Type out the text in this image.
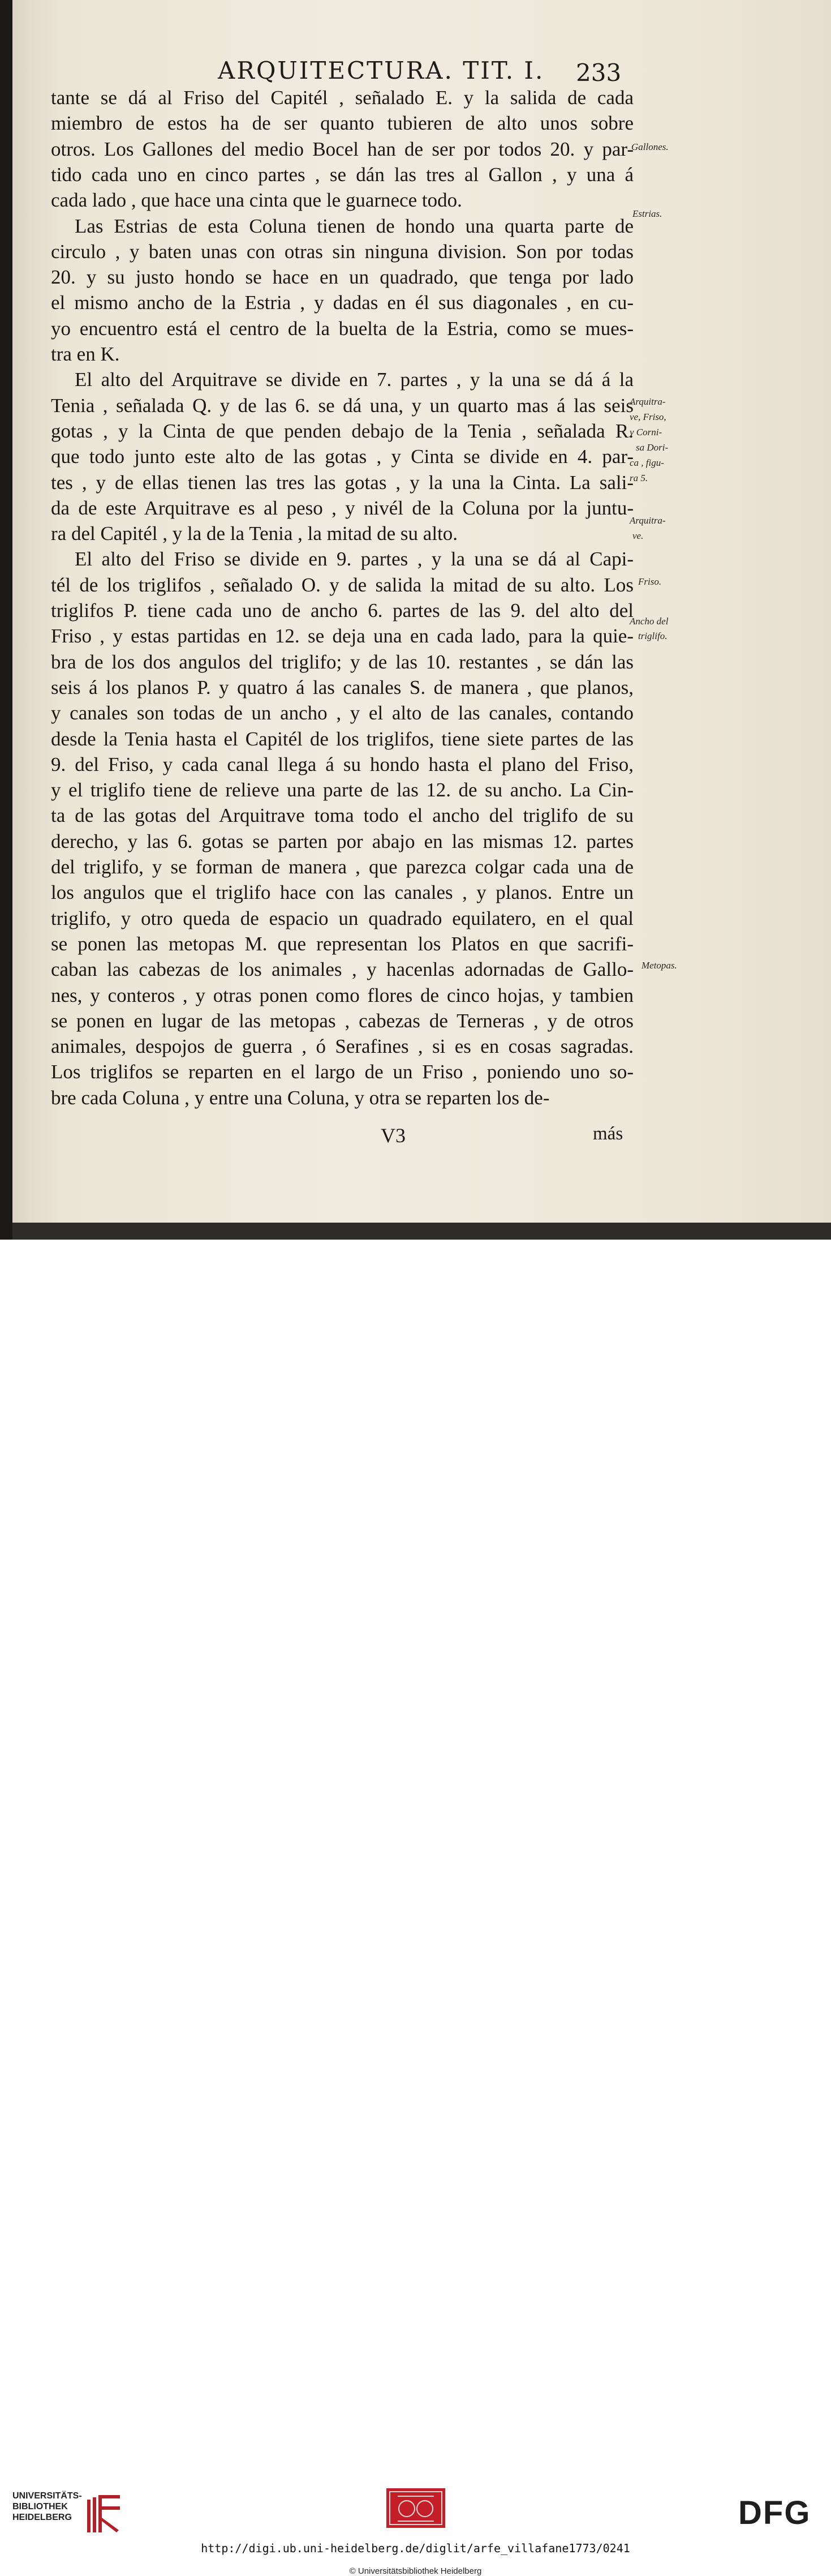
ARQUITECTURA. TIT. I. 233
tante se dá al Friso del Capitél , señalado E. y la salida de cada
miembro de estos ha de ser quanto tubieren de alto unos sobre
otros. Los Gallones del medio Bocel han de ser por todos 20. y par-
tido cada uno en cinco partes , se dán las tres al Gallon , y una á
cada lado , que hace una cinta que le guarnece todo.
Las Estrias de esta Coluna tienen de hondo una quarta parte de
circulo , y baten unas con otras sin ninguna division. Son por todas
20. y su justo hondo se hace en un quadrado, que tenga por lado
el mismo ancho de la Estria , y dadas en él sus diagonales , en cu-
yo encuentro está el centro de la buelta de la Estria, como se mues-
tra en K.
El alto del Arquitrave se divide en 7. partes , y la una se dá á la
Tenia , señalada Q. y de las 6. se dá una, y un quarto mas á las seis
gotas , y la Cinta de que penden debajo de la Tenia , señalada R.
que todo junto este alto de las gotas , y Cinta se divide en 4. par-
tes , y de ellas tienen las tres las gotas , y la una la Cinta. La sali-
da de este Arquitrave es al peso , y nivél de la Coluna por la juntu-
ra del Capitél , y la de la Tenia , la mitad de su alto.
El alto del Friso se divide en 9. partes , y la una se dá al Capi-
tél de los triglifos , señalado O. y de salida la mitad de su alto. Los
triglifos P. tiene cada uno de ancho 6. partes de las 9. del alto del
Friso , y estas partidas en 12. se deja una en cada lado, para la quie-
bra de los dos angulos del triglifo; y de las 10. restantes , se dán las
seis á los planos P. y quatro á las canales S. de manera , que planos,
y canales son todas de un ancho , y el alto de las canales, contando
desde la Tenia hasta el Capitél de los triglifos, tiene siete partes de las
9. del Friso, y cada canal llega á su hondo hasta el plano del Friso,
y el triglifo tiene de relieve una parte de las 12. de su ancho. La Cin-
ta de las gotas del Arquitrave toma todo el ancho del triglifo de su
derecho, y las 6. gotas se parten por abajo en las mismas 12. partes
del triglifo, y se forman de manera , que parezca colgar cada una de
los angulos que el triglifo hace con las canales , y planos. Entre un
triglifo, y otro queda de espacio un quadrado equilatero, en el qual
se ponen las metopas M. que representan los Platos en que sacrifi-
caban las cabezas de los animales , y hacenlas adornadas de Gallo-
nes, y conteros , y otras ponen como flores de cinco hojas, y tambien
se ponen en lugar de las metopas , cabezas de Terneras , y de otros
animales, despojos de guerra , ó Serafines , si es en cosas sagradas.
Los triglifos se reparten en el largo de un Friso , poniendo uno so-
bre cada Coluna , y entre una Coluna, y otra se reparten los de-
Gallones.
Estrias.
Arquitra-
ve, Friso,
y Corni-
sa Dori-
ca , figu-
ra 5.
Arquitra-
ve.
Friso.
Ancho del
triglifo.
Metopas.
V3	más
UNIVERSITÄTS-
BIBLIOTHEK
HEIDELBERG	DFG
http://digi.ub.uni-heidelberg.de/diglit/arfe_villafane1773/0241
© Universitätsbibliothek Heidelberg
